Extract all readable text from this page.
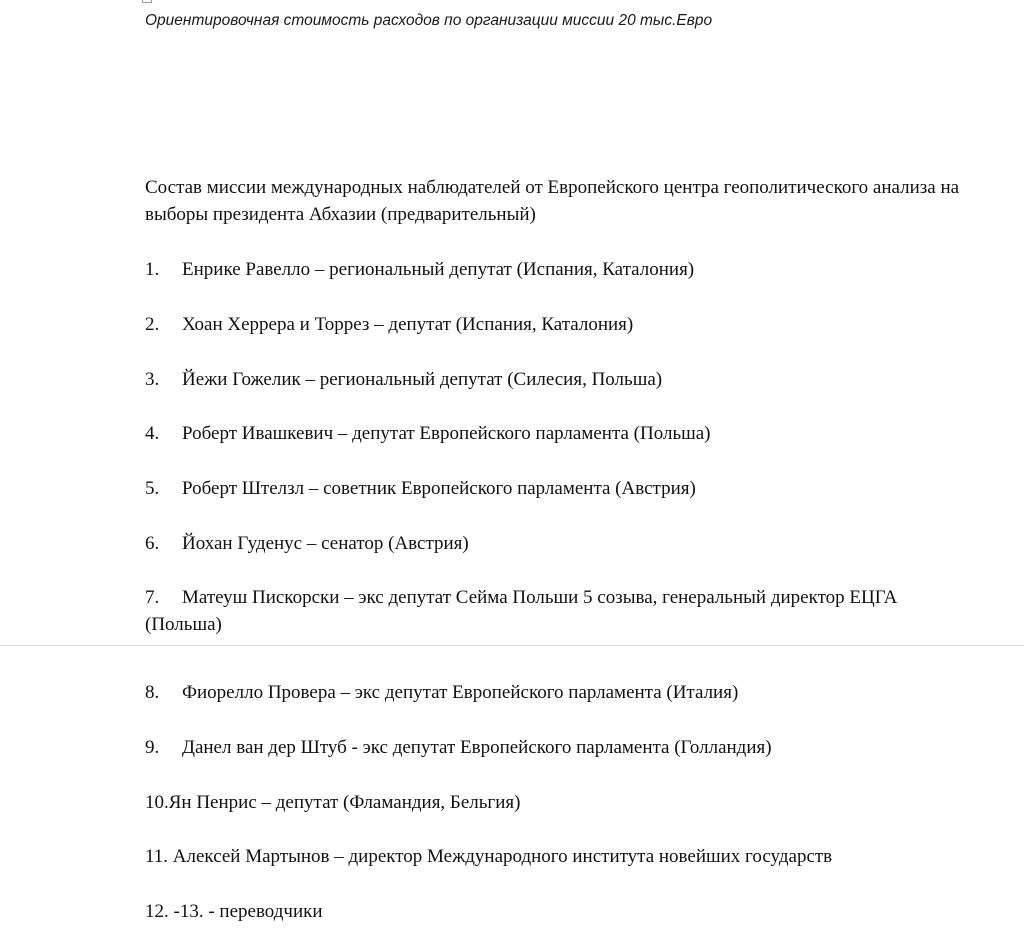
Ориентировочная стоимость расходов по организации миссии 20 тыс.Евро
Состав миссии международных наблюдателей от Европейского центра геополитического анализа на выборы президента Абхазии (предварительный)
1. Енрике Равелло – региональный депутат (Испания, Каталония)
2. Хоан Херрера и Торрез – депутат (Испания, Каталония)
3. Йежи Гожелик – региональный депутат (Силесия, Польша)
4. Роберт Ивашкевич – депутат Европейского парламента (Польша)
5. Роберт Штелзл – советник Европейского парламента (Австрия)
6. Йохан Гуденус – сенатор (Австрия)
7. Матеуш Пискорски – экс депутат Сейма Польши 5 созыва, генеральный директор ЕЦГА (Польша)
8. Фиорелло Провера – экс депутат Европейского парламента (Италия)
9. Данел ван дер Штуб - экс депутат Европейского парламента (Голландия)
10.Ян Пенрис – депутат (Фламандия, Бельгия)
11. Алексей Мартынов – директор Международного института новейших государств
12. -13. - переводчики
